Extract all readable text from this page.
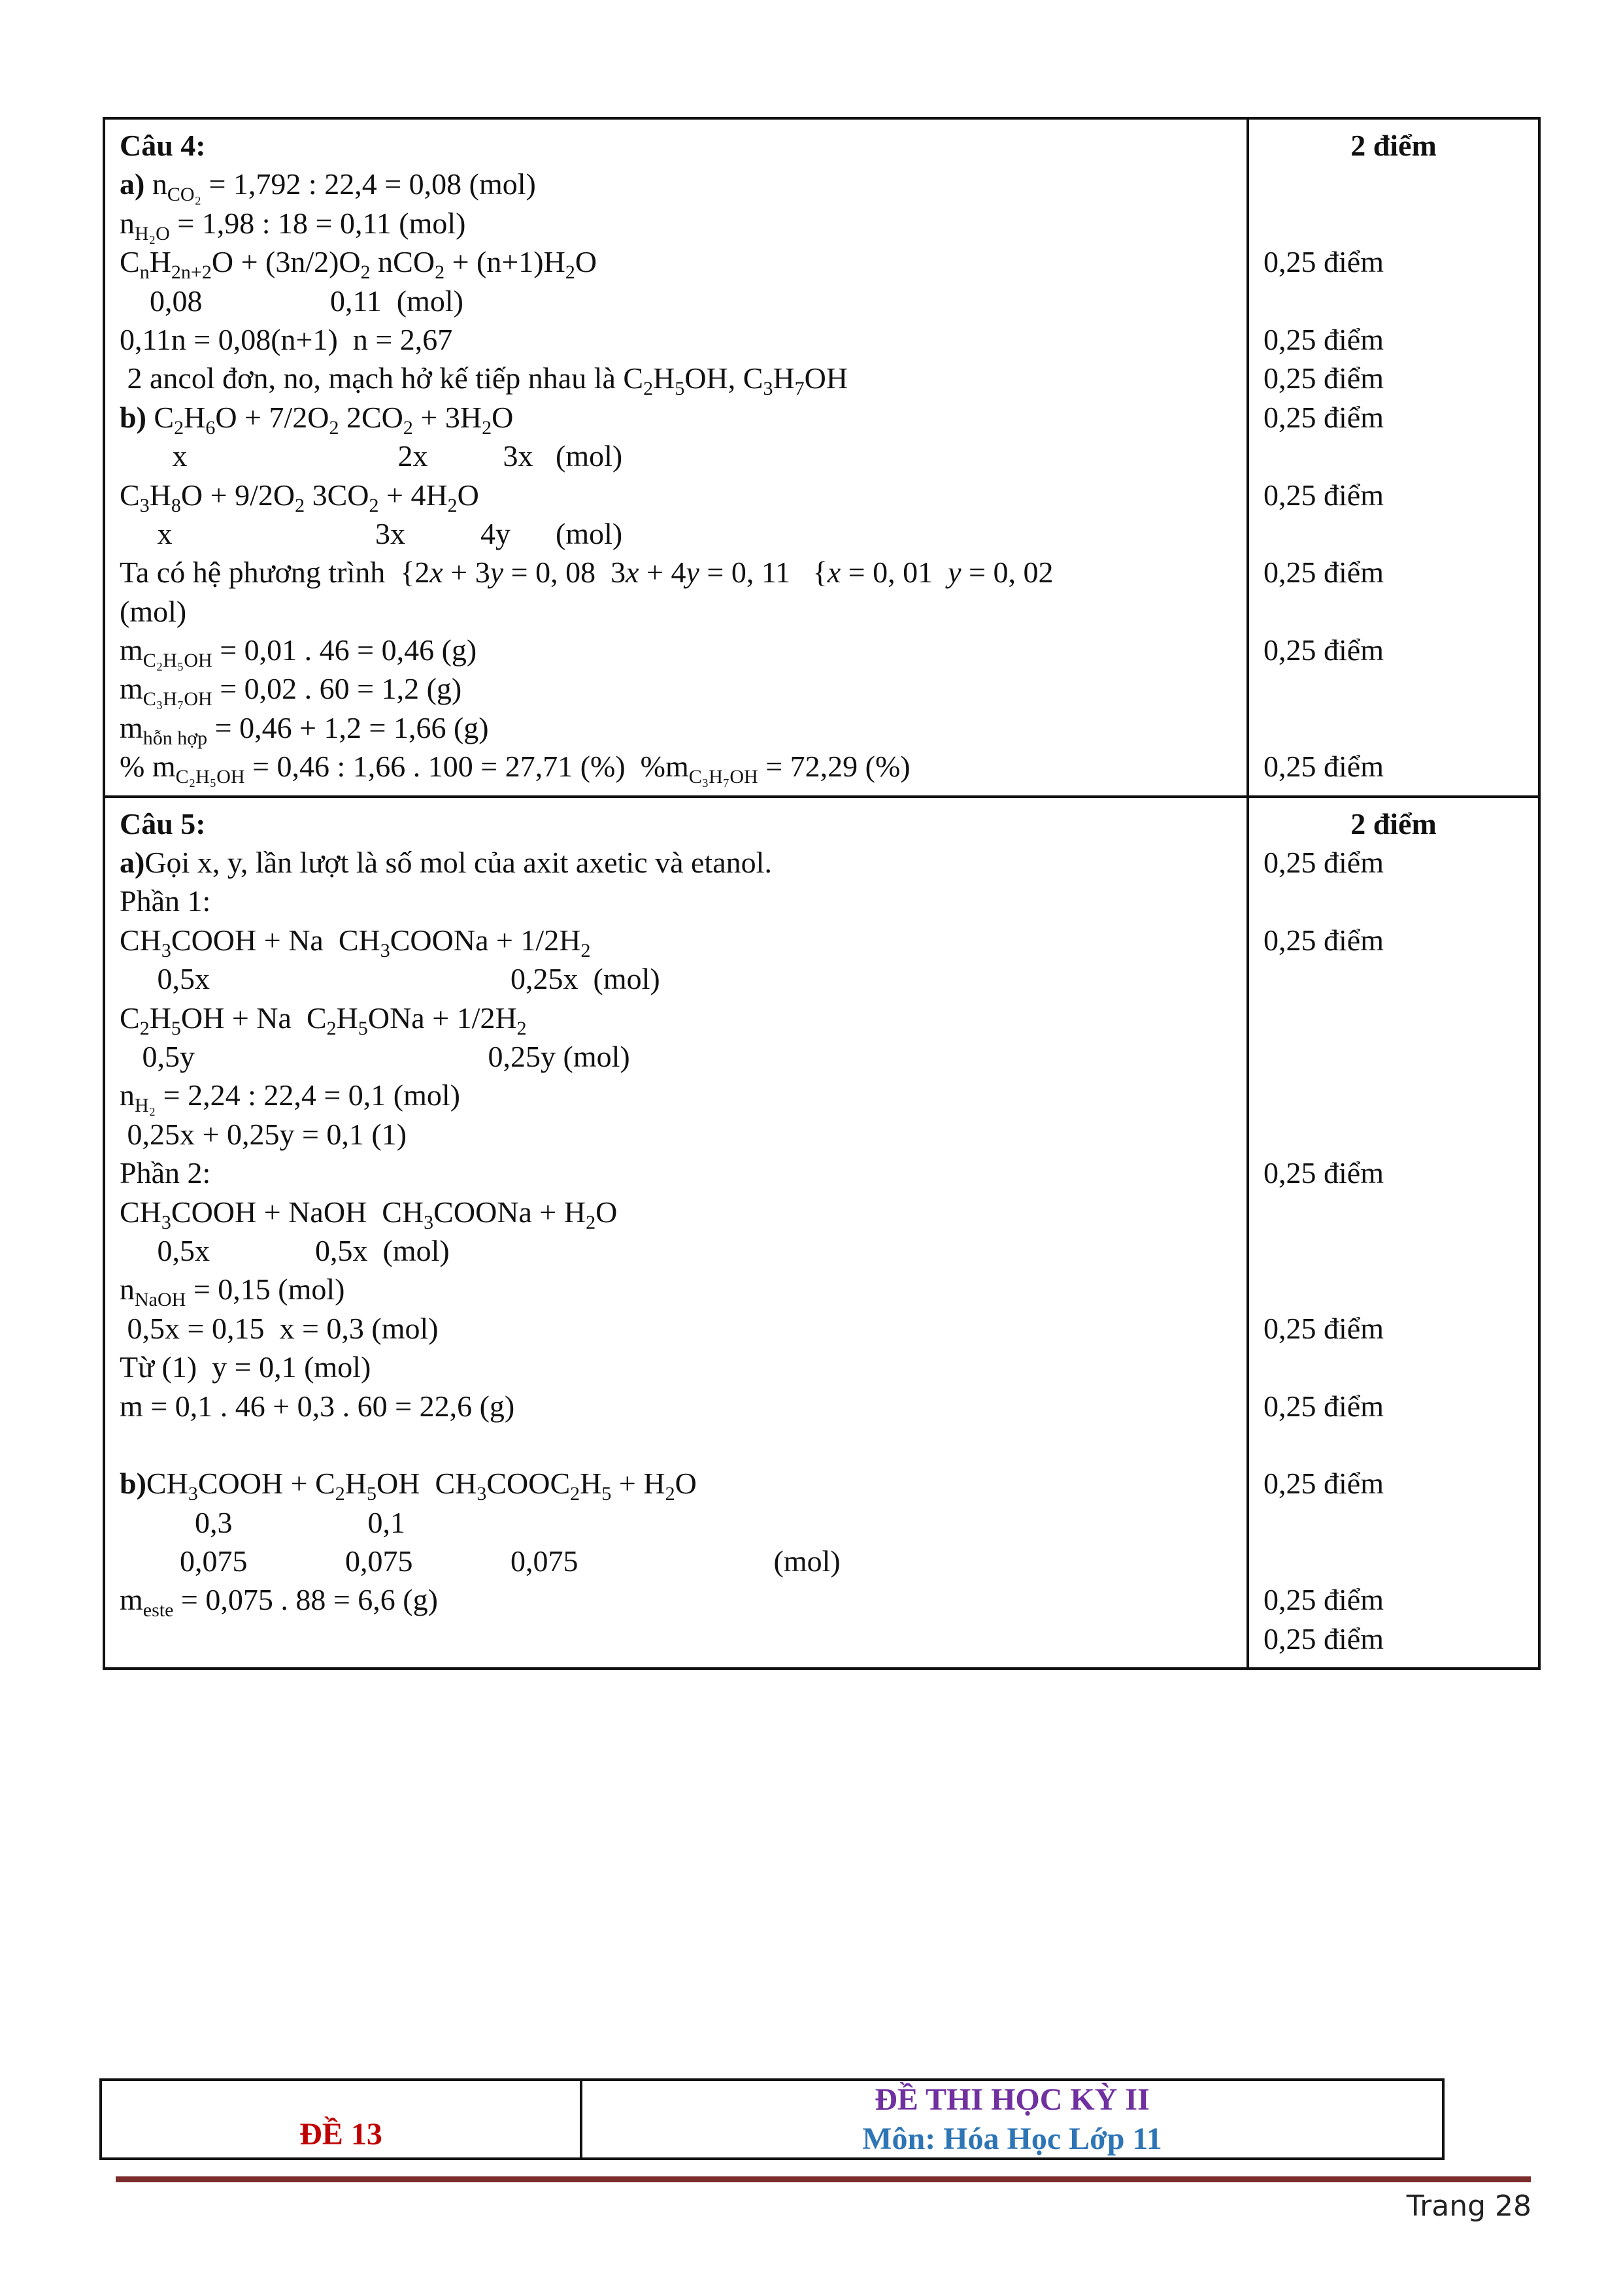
Câu 4:
a) $n_{CO_2} = 1,792$ : 22,4 = 0,08 (mol)
$n_{H_2O} = 1,98$ : 18 = 0,11 (mol)
$C_nH_{2n+2}O + (3n/2)O_2$ $nCO_2 + (n+1)H_2O$
0,08                 0,11  (mol)
0,11n = 0,08(n+1)  n = 2,67
2 ancol đơn, no, mạch hở kế tiếp nhau là $C_2H_5OH$, $C_3H_7OH$
b) $C_2H_6O + 7/2O_2$ $2CO_2 + 3H_2O$
x                            2x          3x   (mol)
$C_3H_8O + 9/2O_2$ $3CO_2 + 4H_2O$
x                           3x          4y      (mol)
Ta có hệ phương trình  {2x + 3y = 0, 08  3x + 4y = 0, 11   {x = 0, 01  y = 0, 02
(mol)
$m_{C_2H_5OH} = 0,01$ . 46 = 0,46 (g)
$m_{C_3H_7OH} = 0,02$ . 60 = 1,2 (g)
$m_{hỗn hợp} = 0,46 + 1,2 = 1,66$ (g)
% $m_{C_2H_5OH} = 0,46$ : 1,66 . 100 = 27,71 (%)  $\%m_{C_3H_7OH} = 72,29$ (%)
2 điểm
0,25 điểm
0,25 điểm
0,25 điểm
0,25 điểm
0,25 điểm
0,25 điểm
0,25 điểm
0,25 điểm
Câu 5:
a)Gọi x, y, lần lượt là số mol của axit axetic và etanol.
Phần 1:
$CH_3COOH + Na$  $CH_3COONa + 1/2H_2$
0,5x                                        0,25x  (mol)
$C_2H_5OH + Na$  $C_2H_5ONa + 1/2H_2$
0,5y                                       0,25y (mol)
$n_{H_2} = 2,24$ : 22,4 = 0,1 (mol)
0,25x + 0,25y = 0,1 (1)
Phần 2:
$CH_3COOH$ + NaOH  $CH_3COONa + H_2O$
0,5x              0,5x  (mol)
$n_{NaOH} = 0,15$ (mol)
0,5x = 0,15  x = 0,3 (mol)
Từ (1)  y = 0,1 (mol)
m = 0,1 . 46 + 0,3 . 60 = 22,6 (g)
$b)CH_3COOH + C_2H_5OH$  $CH_3COOC_2H_5 + H_2O$
0,3                  0,1
0,075             0,075             0,075                          (mol)
$m_{este} = 0,075$ . 88 = 6,6 (g)
2 điểm
0,25 điểm
0,25 điểm
0,25 điểm
0,25 điểm
0,25 điểm
0,25 điểm
0,25 điểm
0,25 điểm
ĐỀ 13
ĐỀ THI HỌC KỲ II
Môn: Hóa Học Lớp 11
Trang 28
